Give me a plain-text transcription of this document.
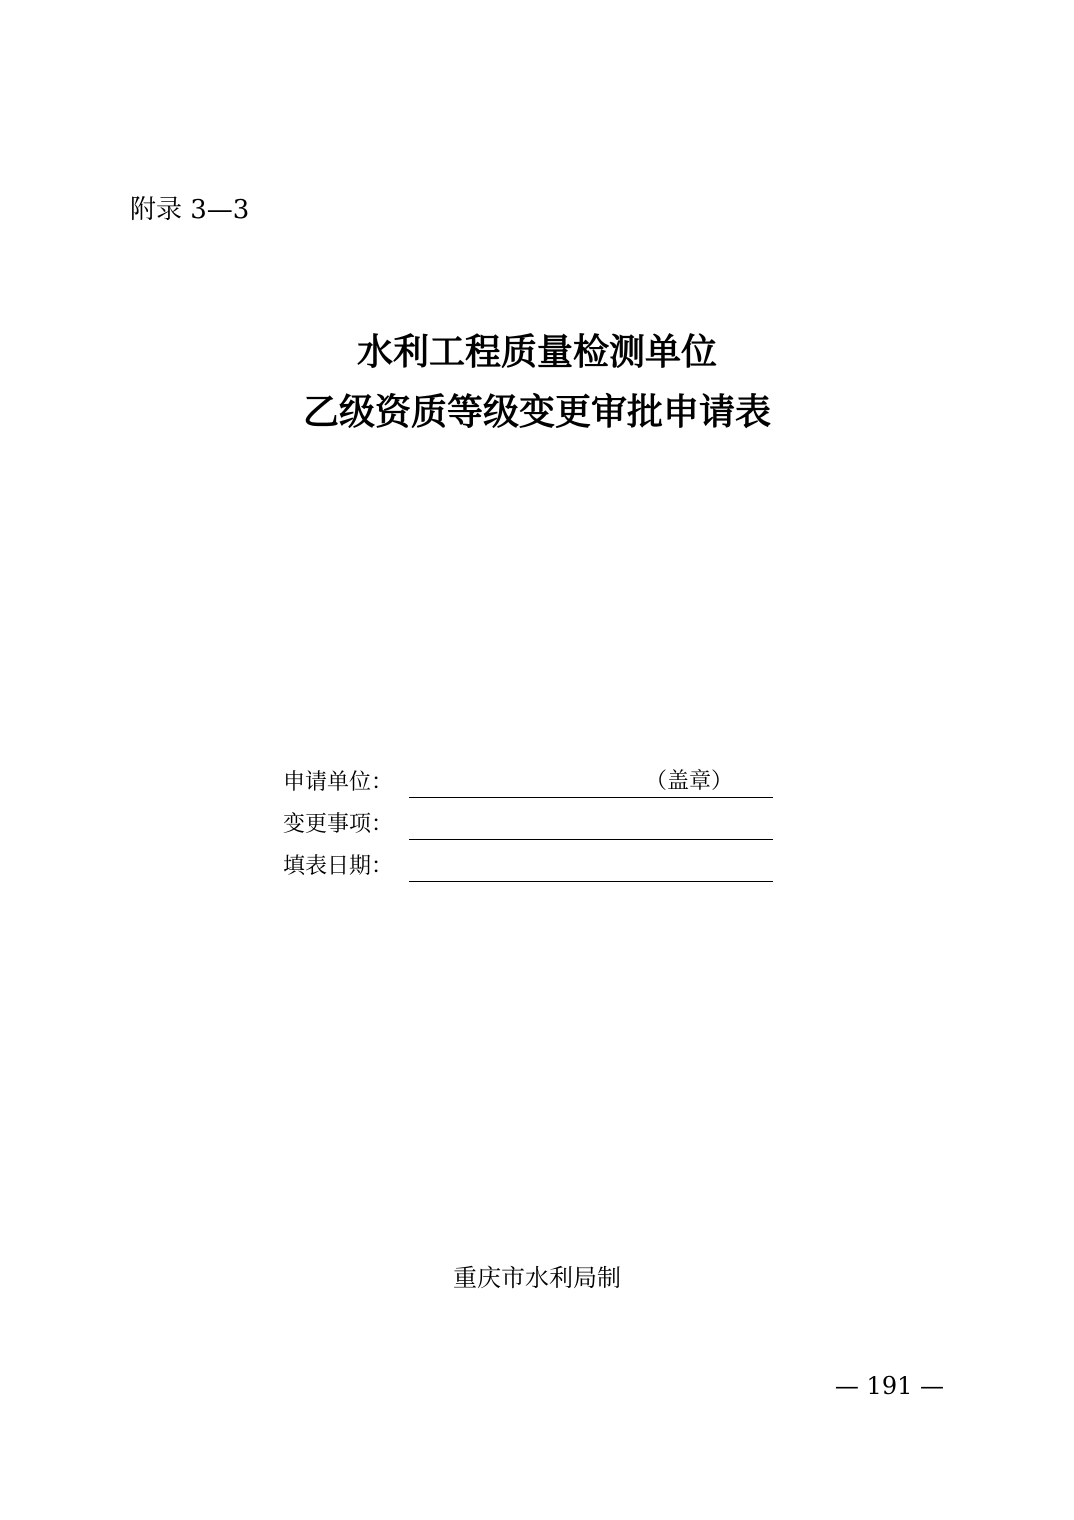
附录 3—3
水利工程质量检测单位
乙级资质等级变更审批申请表
申请单位：	（盖章）
变更事项：
填表日期：
重庆市水利局制
— 191 —
